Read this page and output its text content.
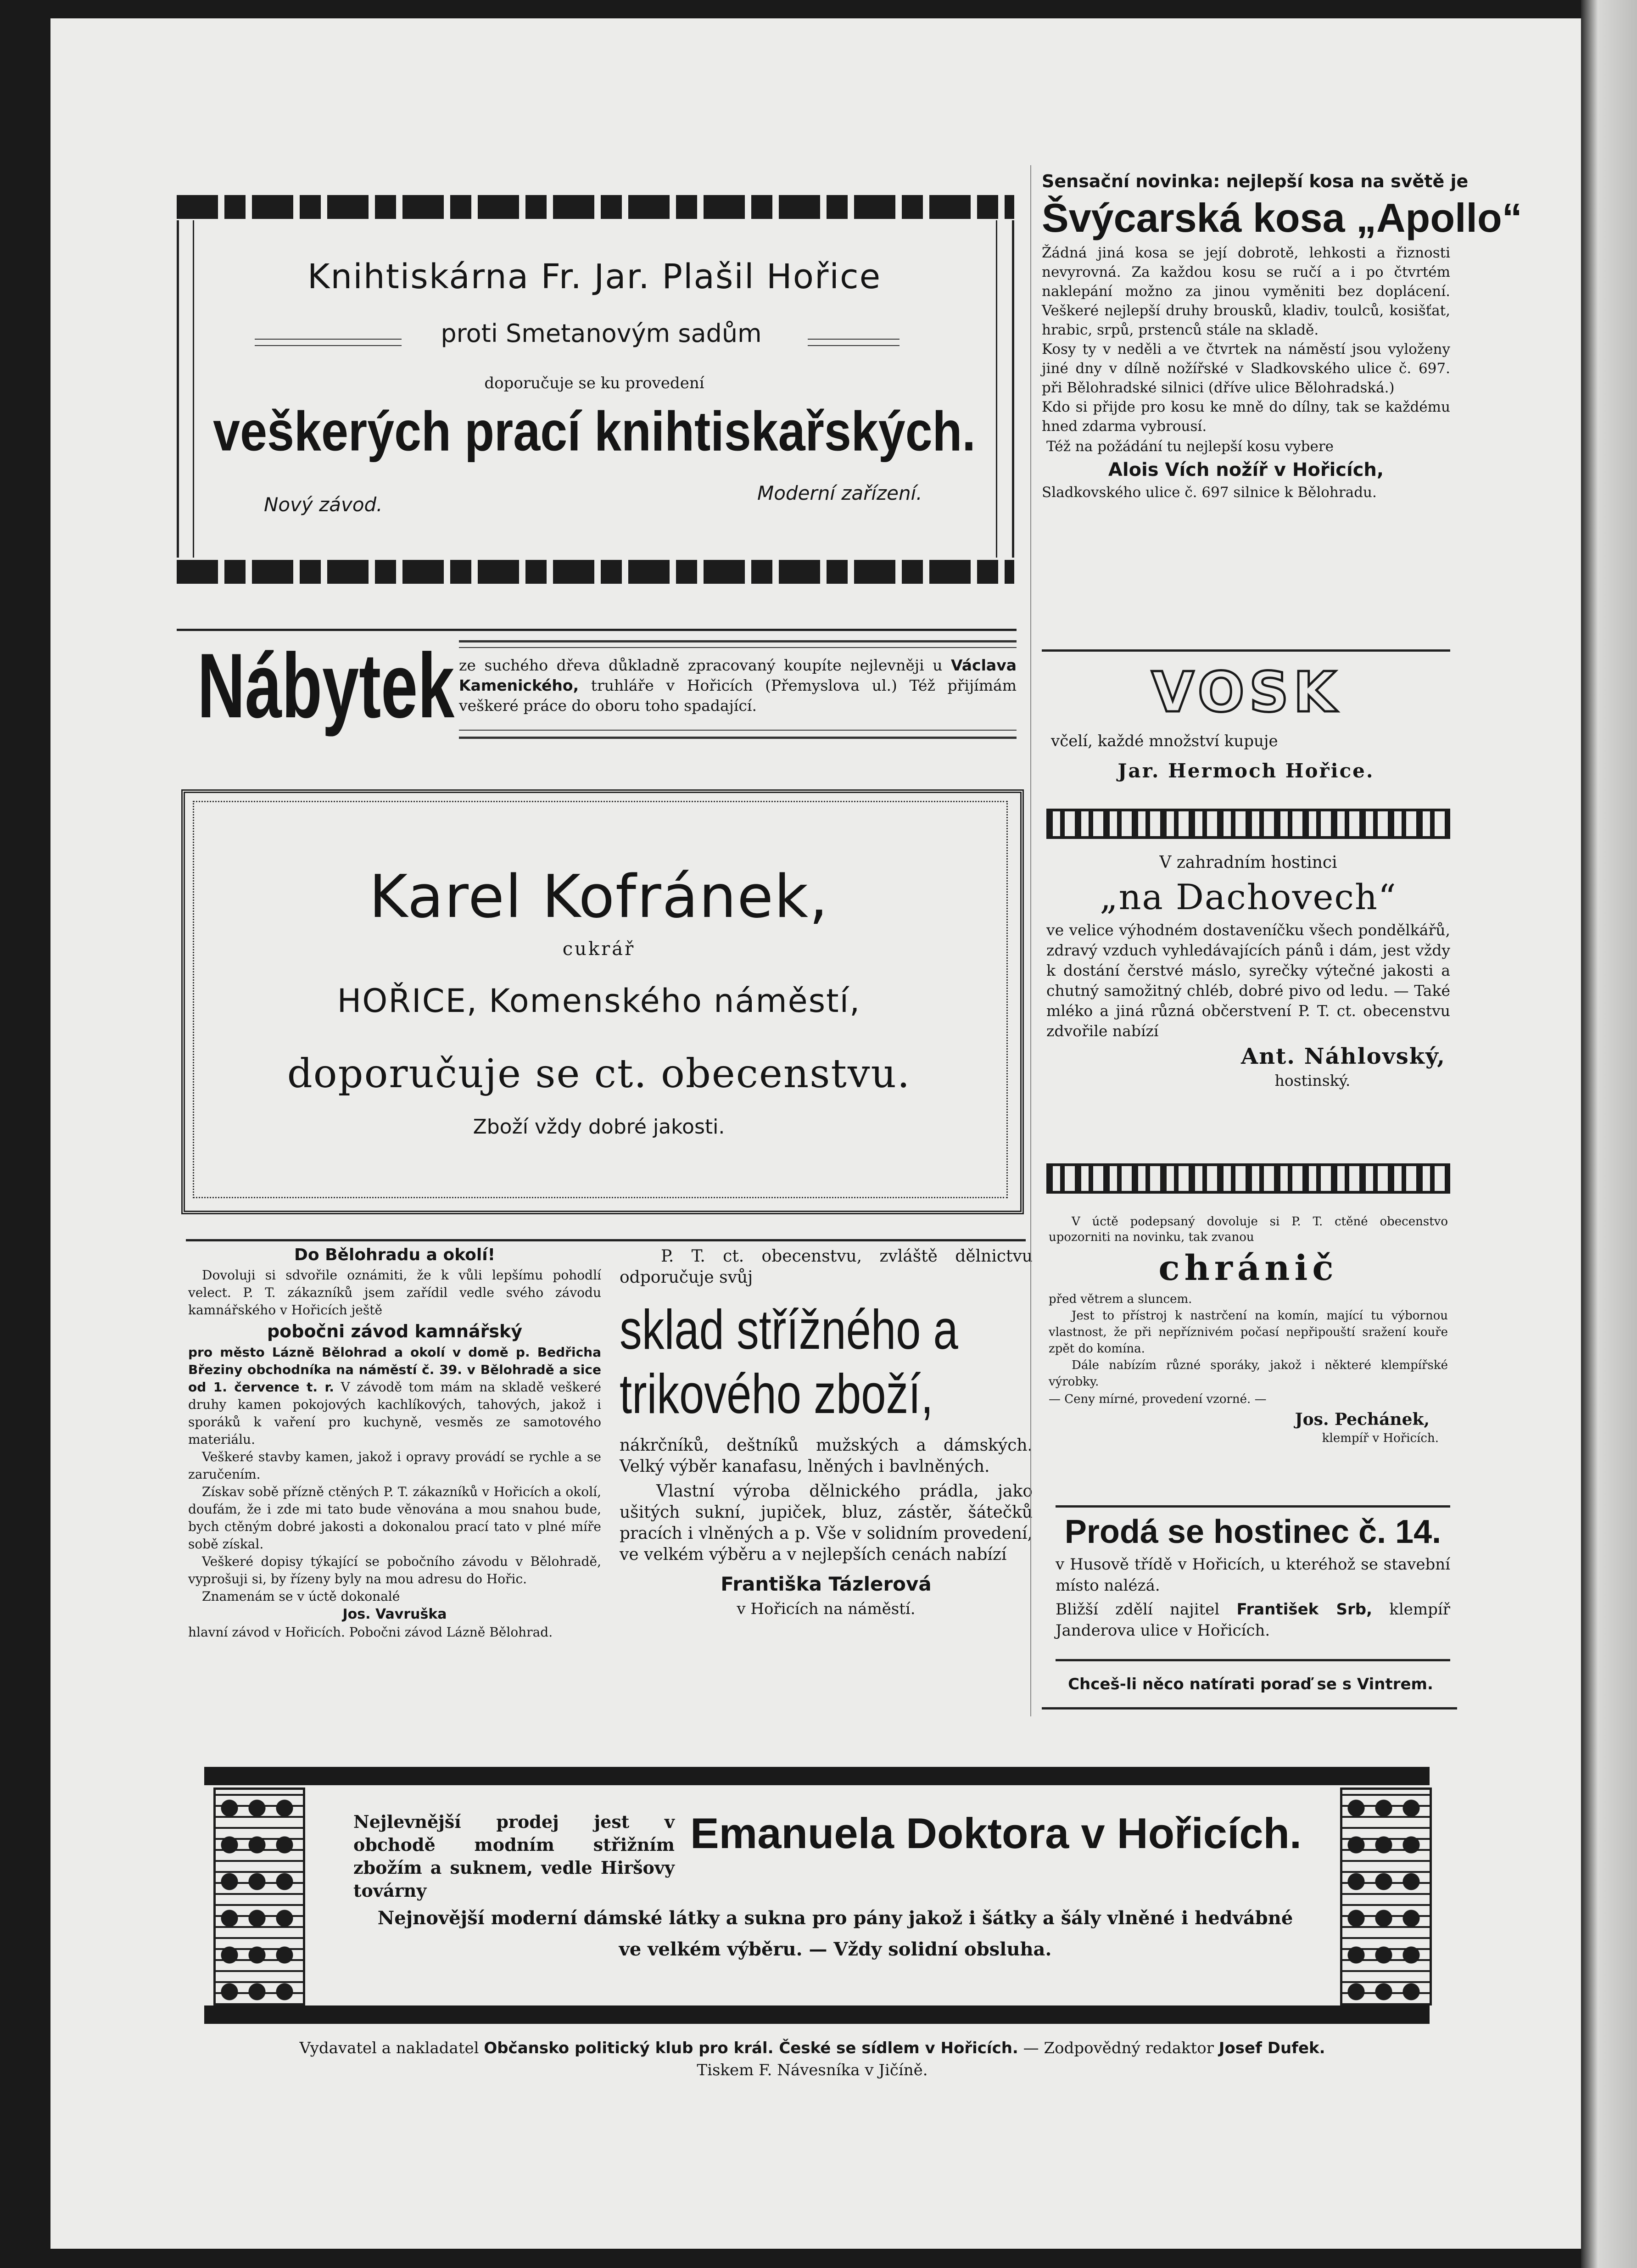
Knihtiskárna Fr. Jar. Plašil Hořice
proti Smetanovým sadům
doporučuje se ku provedení
veškerých prací knihtiskařských.
Nový závod.
Moderní zařízení.
Nábytek ze suchého dřeva důkladně zpracovaný koupíte nejlevněji u Václava Kamenického, truhláře v Hořicích (Přemyslova ul.) Též přijímám veškeré práce do oboru toho spadající.
Karel Kofránek,
cukrář
HOŘICE, Komenského náměstí,
doporučuje se ct. obecenstvu.
Zboží vždy dobré jakosti.
Do Bělohradu a okolí!
Dovoluji si sdvořile oznámiti, že k vůli lepšímu pohodlí velect. P. T. zákazníků jsem zařídil vedle svého závodu kamnářského v Hořicích ještě
pobočni závod kamnářský
pro město Lázně Bělohrad a okolí v domě p. Bedřicha Březiny obchodníka na náměstí č. 39. v Bělohradě a sice od 1. července t. r. V závodě tom mám na skladě veškeré druhy kamen pokojových kachlíkových, tahových, jakož i sporáků k vaření pro kuchyně, vesměs ze samotového materiálu.
Veškeré stavby kamen, jakož i opravy provádí se rychle a se zaručením.
Získav sobě přízně ctěných P. T. zákazníků v Hořicích a okolí, doufám, že i zde mi tato bude věnována a mou snahou bude, bych ctěným dobré jakosti a dokonalou prací tato v plné míře sobě získal.
Veškeré dopisy týkající se pobočního závodu v Bělohradě, vyprošuji si, by řízeny byly na mou adresu do Hořic.
Znamenám se v úctě dokonalé
Jos. Vavruška
hlavní závod v Hořicích. Pobočni závod Lázně Bělohrad.
P. T. ct. obecenstvu, zvláště dělnictvu odporučuje svůj
sklad střížného a trikového zboží,
nákrčníků, deštníků mužských a dámských. Velký výběr kanafasu, lněných i bavlněných.
Vlastní výroba dělnického prádla, jako ušitých sukní, jupiček, bluz, zástěr, šátečků pracích i vlněných a p. Vše v solidním provedení, ve velkém výběru a v nejlepších cenách nabízí
Františka Tázlerová
v Hořicích na náměstí.
Sensační novinka: nejlepší kosa na světě je
Švýcarská kosa „Apollo“
Žádná jiná kosa se její dobrotě, lehkosti a řiznosti nevyrovná. Za každou kosu se ručí a i po čtvrtém naklepání možno za jinou vyměniti bez doplácení. Veškeré nejlepší druhy brousků, kladiv, toulců, kosišťat, hrabic, srpů, prstenců stále na skladě.
Kosy ty v neděli a ve čtvrtek na náměstí jsou vyloženy jiné dny v dílně nožířské v Sladkovského ulice č. 697. při Bělohradské silnici (dříve ulice Bělohradská.)
Kdo si přijde pro kosu ke mně do dílny, tak se každému hned zdarma vybrousí.
Též na požádání tu nejlepší kosu vybere
Alois Vích nožíř v Hořicích,
Sladkovského ulice č. 697 silnice k Bělohradu.
VOSK
včelí, každé množství kupuje
Jar. Hermoch Hořice.
V zahradním hostinci
„na Dachovech“
ve velice výhodném dostaveníčku všech pondělkářů, zdravý vzduch vyhledávajících pánů i dám, jest vždy k dostání čerstvé máslo, syrečky výtečné jakosti a chutný samožitný chléb, dobré pivo od ledu. — Také mléko a jiná různá občerstvení P. T. ct. obecenstvu zdvořile nabízí
Ant. Náhlovský,
hostinský.
V úctě podepsaný dovoluje si P. T. ctěné obecenstvo upozorniti na novinku, tak zvanou
chránič
před větrem a sluncem.
Jest to přístroj k nastrčení na komín, mající tu výbornou vlastnost, že při nepříznivém počasí nepřipouští sražení kouře zpět do komína.
Dále nabízím různé sporáky, jakož i některé klempířské výrobky.
— Ceny mírné, provedení vzorné. —
Jos. Pechánek,
klempíř v Hořicích.
Prodá se hostinec č. 14.
v Husově třídě v Hořicích, u kteréhož se stavební místo nalézá.
Bližší zdělí najitel František Srb, klempíř Janderova ulice v Hořicích.
Chceš-li něco natírati poraď se s Vintrem.
Nejlevnější prodej jest v obchodě modním střižním zbožím a suknem, vedle Hiršovy továrny
Emanuela Doktora v Hořicích.
Nejnovější moderní dámské látky a sukna pro pány jakož i šátky a šály vlněné i hedvábné
ve velkém výběru. — Vždy solidní obsluha.
Vydavatel a nakladatel Občansko politický klub pro král. České se sídlem v Hořicích. — Zodpovědný redaktor Josef Dufek.
Tiskem F. Návesníka v Jičíně.
